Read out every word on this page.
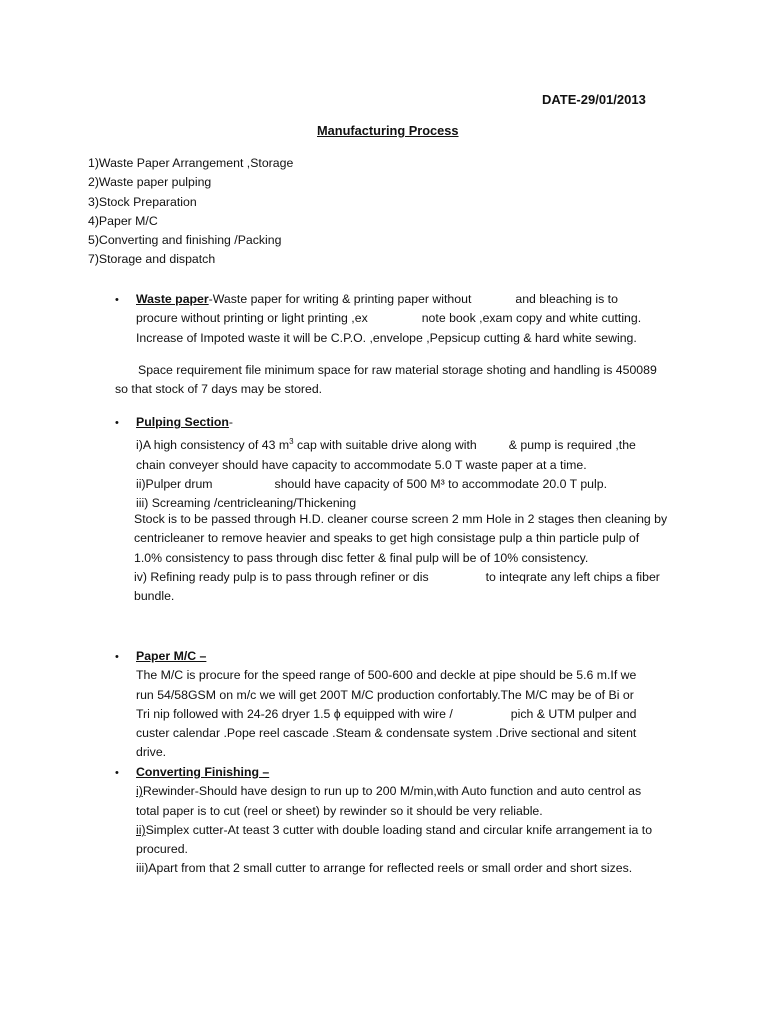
DATE-29/01/2013
Manufacturing Process
1)Waste Paper Arrangement ,Storage
2)Waste paper pulping
3)Stock Preparation
4)Paper M/C
5)Converting and finishing /Packing
7)Storage and dispatch
• Waste paper-Waste paper for writing & printing paper without	and bleaching is to
procure without printing or light printing ,ex	note book ,exam copy and white cutting.
Increase of Impoted waste it will be C.P.O. ,envelope ,Pepsicup cutting & hard white sewing.
Space requirement file minimum space for raw material storage shoting and handling is 450089
so that stock of 7 days may be stored.
• Pulping Section-
i)A high consistency of 43 $m^3$ cap with suitable drive along with	& pump is required ,the
chain conveyer should have capacity to accommodate 5.0 T waste paper at a time.
ii)Pulper drum	should have capacity of 500 M³ to accommodate 20.0 T pulp.
iii) Screaming /centricleaning/Thickening
Stock is to be passed through H.D. cleaner course screen 2 mm Hole in 2 stages then cleaning by
centricleaner to remove heavier and speaks to get high consistage pulp a thin particle pulp of
1.0% consistency to pass through disc fetter & final pulp will be of 10% consistency.
iv) Refining ready pulp is to pass through refiner or dis	to inteqrate any left chips a fiber
bundle.
• Paper M/C –
The M/C is procure for the speed range of 500-600 and deckle at pipe should be 5.6 m.If we
run 54/58GSM on m/c we will get 200T M/C production confortably.The M/C may be of Bi or
Tri nip followed with 24-26 dryer 1.5 ϕ equipped with wire /	pich & UTM pulper and
custer calendar .Pope reel cascade .Steam & condensate system .Drive sectional and sitent
drive.
• Converting Finishing –
i)Rewinder-Should have design to run up to 200 M/min,with Auto function and auto centrol as
total paper is to cut (reel or sheet) by rewinder so it should be very reliable.
ii)Simplex cutter-At teast 3 cutter with double loading stand and circular knife arrangement ia to
procured.
iii)Apart from that 2 small cutter to arrange for reflected reels or small order and short sizes.
